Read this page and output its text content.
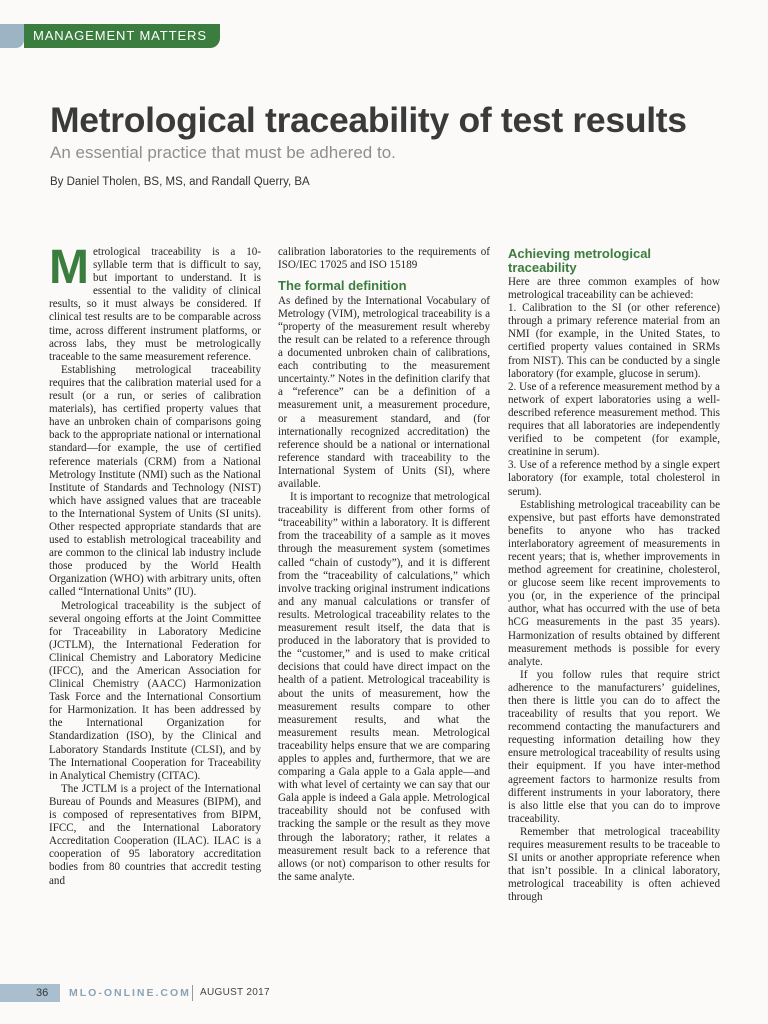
MANAGEMENT MATTERS
Metrological traceability of test results
An essential practice that must be adhered to.
By Daniel Tholen, BS, MS, and Randall Querry, BA

Metrological traceability is a 10-syllable term that is difficult to say, but important to understand. It is essential to the validity of clinical results, so it must always be considered. If clinical test results are to be comparable across time, across different instrument platforms, or across labs, they must be metrologically traceable to the same measurement reference.

Establishing metrological traceability requires that the calibration material used for a result (or a run, or series of calibration materials), has certified property values that have an unbroken chain of comparisons going back to the appropriate national or international standard—for example, the use of certified reference materials (CRM) from a National Metrology Institute (NMI) such as the National Institute of Standards and Technology (NIST) which have assigned values that are traceable to the International System of Units (SI units). Other respected appropriate standards that are used to establish metrological traceability and are common to the clinical lab industry include those produced by the World Health Organization (WHO) with arbitrary units, often called “International Units” (IU).

Metrological traceability is the subject of several ongoing efforts at the Joint Committee for Traceability in Laboratory Medicine (JCTLM), the International Federation for Clinical Chemistry and Laboratory Medicine (IFCC), and the American Association for Clinical Chemistry (AACC) Harmonization Task Force and the International Consortium for Harmonization. It has been addressed by the International Organization for Standardization (ISO), by the Clinical and Laboratory Standards Institute (CLSI), and by The International Cooperation for Traceability in Analytical Chemistry (CITAC).

The JCTLM is a project of the International Bureau of Pounds and Measures (BIPM), and is composed of representatives from BIPM, IFCC, and the International Laboratory Accreditation Cooperation (ILAC). ILAC is a cooperation of 95 laboratory accreditation bodies from 80 countries that accredit testing and

calibration laboratories to the requirements of ISO/IEC 17025 and ISO 15189

The formal definition

As defined by the International Vocabulary of Metrology (VIM), metrological traceability is a “property of the measurement result whereby the result can be related to a reference through a documented unbroken chain of calibrations, each contributing to the measurement uncertainty.” Notes in the definition clarify that a “reference” can be a definition of a measurement unit, a measurement procedure, or a measurement standard, and (for internationally recognized accreditation) the reference should be a national or international reference standard with traceability to the International System of Units (SI), where available.

It is important to recognize that metrological traceability is different from other forms of “traceability” within a laboratory. It is different from the traceability of a sample as it moves through the measurement system (sometimes called “chain of custody”), and it is different from the “traceability of calculations,” which involve tracking original instrument indications and any manual calculations or transfer of results. Metrological traceability relates to the measurement result itself, the data that is produced in the laboratory that is provided to the “customer,” and is used to make critical decisions that could have direct impact on the health of a patient. Metrological traceability is about the units of measurement, how the measurement results compare to other measurement results, and what the measurement results mean. Metrological traceability helps ensure that we are comparing apples to apples and, furthermore, that we are comparing a Gala apple to a Gala apple—and with what level of certainty we can say that our Gala apple is indeed a Gala apple. Metrological traceability should not be confused with tracking the sample or the result as they move through the laboratory; rather, it relates a measurement result back to a reference that allows (or not) comparison to other results for the same analyte.

Achieving metrological traceability

Here are three common examples of how metrological traceability can be achieved:

1. Calibration to the SI (or other reference) through a primary reference material from an NMI (for example, in the United States, to certified property values contained in SRMs from NIST). This can be conducted by a single laboratory (for example, glucose in serum).

2. Use of a reference measurement method by a network of expert laboratories using a well-described reference measurement method. This requires that all laboratories are independently verified to be competent (for example, creatinine in serum).

3. Use of a reference method by a single expert laboratory (for example, total cholesterol in serum).

Establishing metrological traceability can be expensive, but past efforts have demonstrated benefits to anyone who has tracked interlaboratory agreement of measurements in recent years; that is, whether improvements in method agreement for creatinine, cholesterol, or glucose seem like recent improvements to you (or, in the experience of the principal author, what has occurred with the use of beta hCG measurements in the past 35 years). Harmonization of results obtained by different measurement methods is possible for every analyte.

If you follow rules that require strict adherence to the manufacturers’ guidelines, then there is little you can do to affect the traceability of results that you report. We recommend contacting the manufacturers and requesting information detailing how they ensure metrological traceability of results using their equipment. If you have inter-method agreement factors to harmonize results from different instruments in your laboratory, there is also little else that you can do to improve traceability.

Remember that metrological traceability requires measurement results to be traceable to SI units or another appropriate reference when that isn’t possible. In a clinical laboratory, metrological traceability is often achieved through

36	MLO-ONLINE.COM AUGUST 2017
